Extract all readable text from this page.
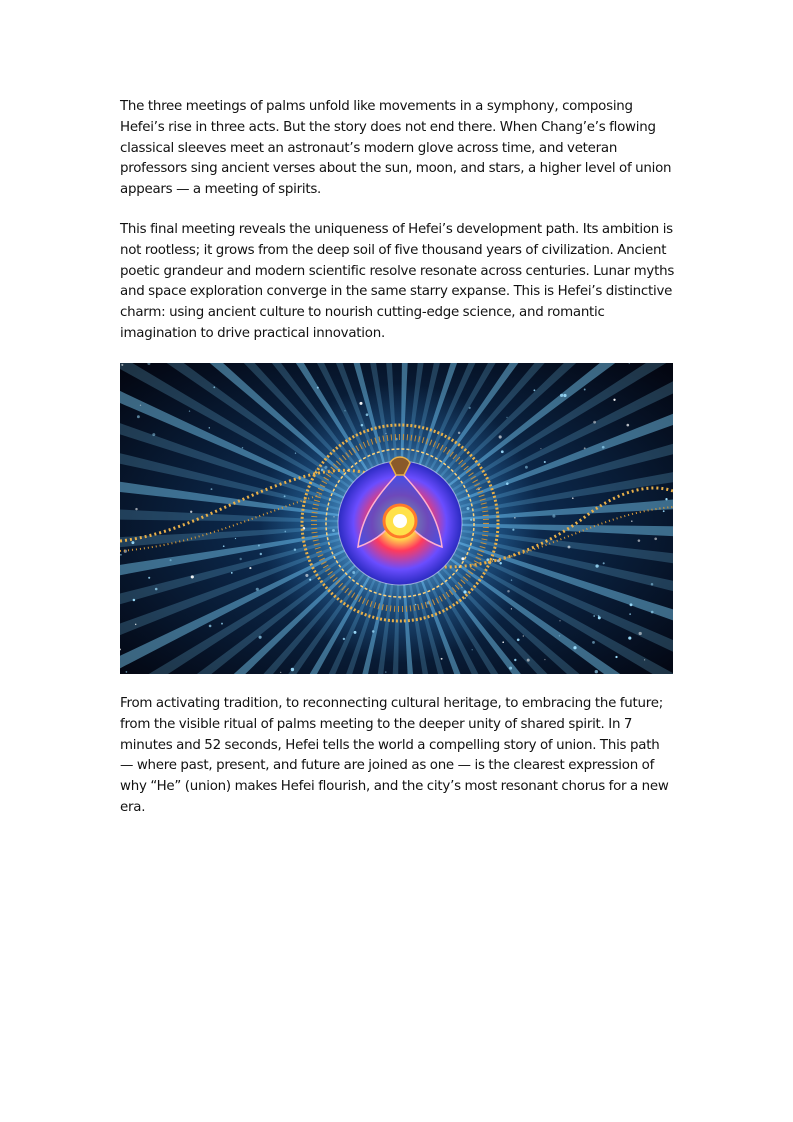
The three meetings of palms unfold like movements in a symphony, composing Hefei’s rise in three acts. But the story does not end there. When Chang’e’s flowing classical sleeves meet an astronaut’s modern glove across time, and veteran professors sing ancient verses about the sun, moon, and stars, a higher level of union appears — a meeting of spirits.

This final meeting reveals the uniqueness of Hefei’s development path. Its ambition is not rootless; it grows from the deep soil of five thousand years of civilization. Ancient poetic grandeur and modern scientific resolve resonate across centuries. Lunar myths and space exploration converge in the same starry expanse. This is Hefei’s distinctive charm: using ancient culture to nourish cutting-edge science, and romantic imagination to drive practical innovation.

From activating tradition, to reconnecting cultural heritage, to embracing the future; from the visible ritual of palms meeting to the deeper unity of shared spirit. In 7 minutes and 52 seconds, Hefei tells the world a compelling story of union. This path — where past, present, and future are joined as one — is the clearest expression of why “He” (union) makes Hefei flourish, and the city’s most resonant chorus for a new era.
